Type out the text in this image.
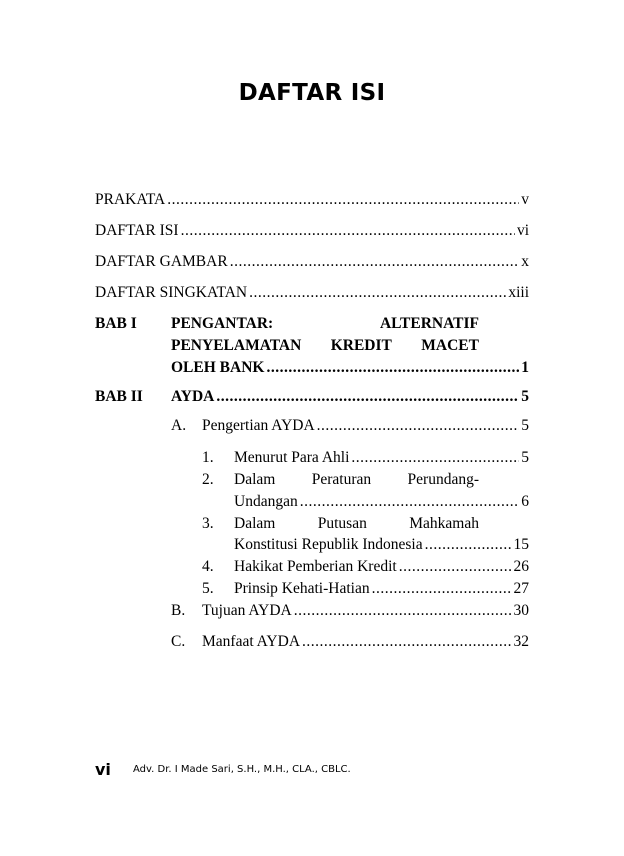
DAFTAR ISI
PRAKATA .....	v
DAFTAR ISI .....	vi
DAFTAR GAMBAR .....	x
DAFTAR SINGKATAN .....	xiii
BAB I PENGANTAR:	ALTERNATIF
PENYELAMATAN KREDIT MACET
OLEH BANK .....	1
BAB II AYDA .....	5
A. Pengertian AYDA .....	5
1. Menurut Para Ahli .....	5
2. Dalam Peraturan Perundang-
Undangan .....	6
3. Dalam	Putusan	Mahkamah
Konstitusi Republik Indonesia .....	15
4. Hakikat Pemberian Kredit .....	26
5. Prinsip Kehati-Hatian .....	27
B. Tujuan AYDA .....	30
C. Manfaat AYDA .....	32
vi Adv. Dr. I Made Sari, S.H., M.H., CLA., CBLC.
